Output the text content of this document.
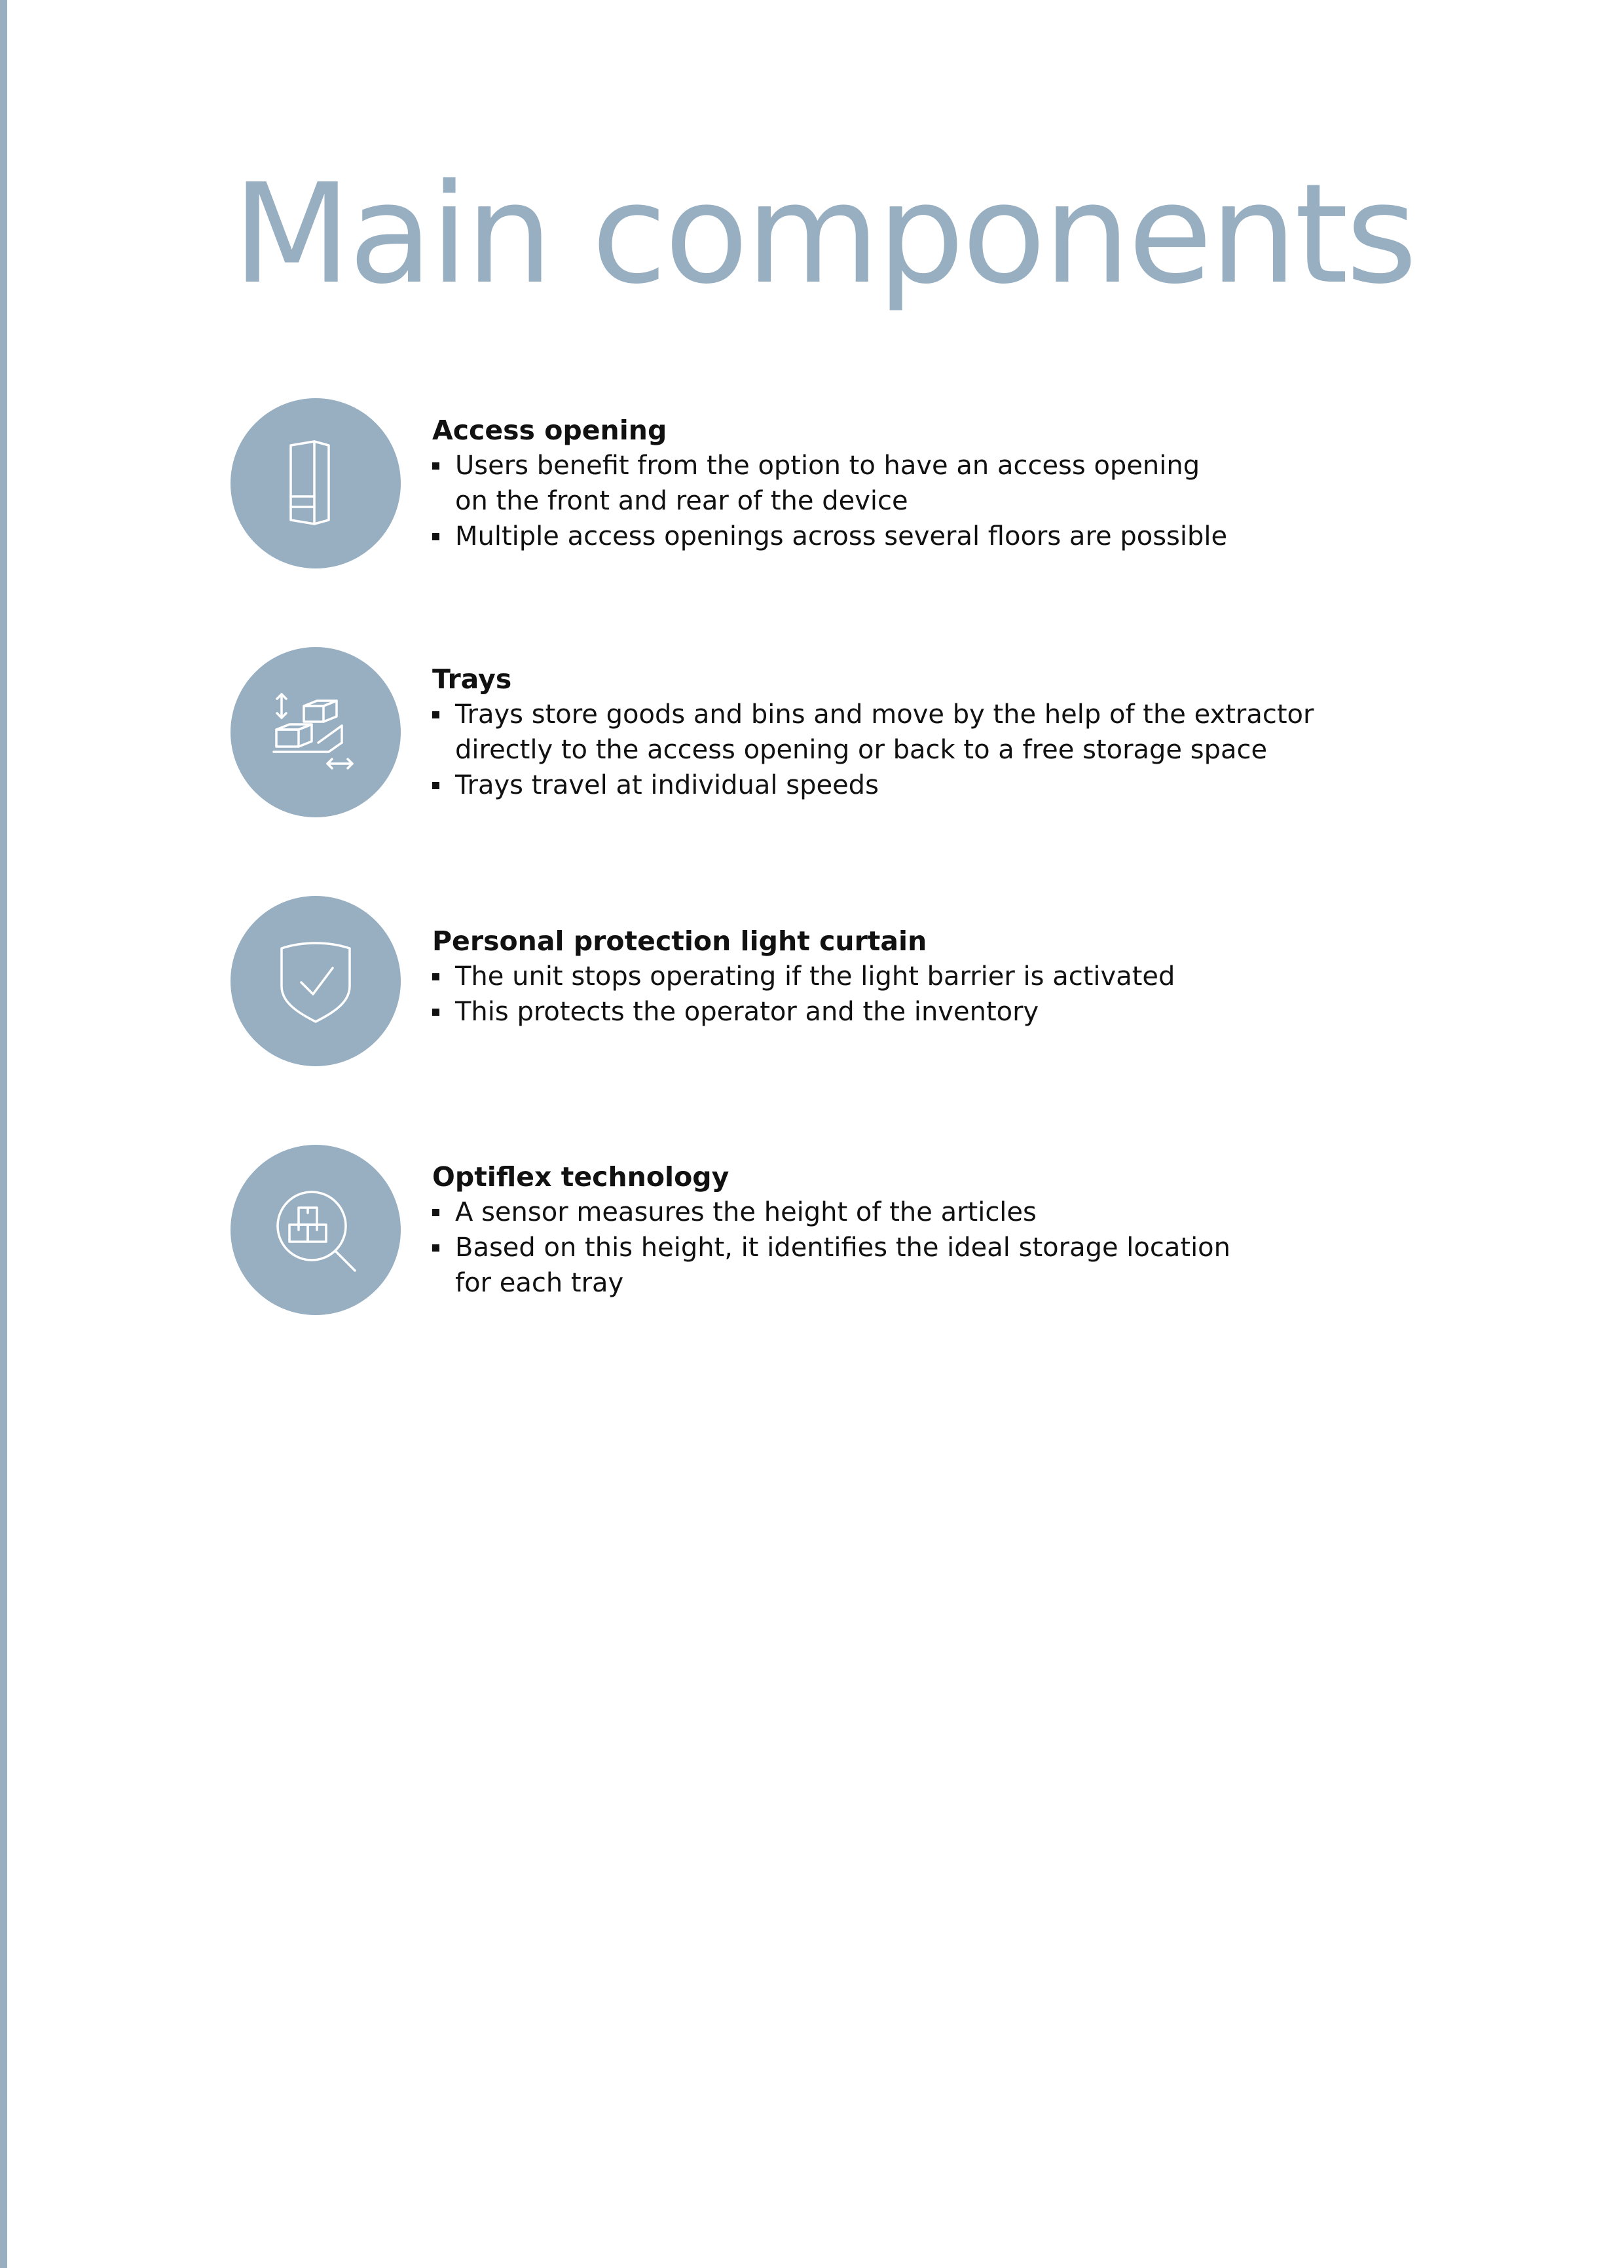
Main components
Access opening
Users benefit from the option to have an access opening
on the front and rear of the device
Multiple access openings across several floors are possible
Trays
Trays store goods and bins and move by the help of the extractor
directly to the access opening or back to a free storage space
Trays travel at individual speeds
Personal protection light curtain
The unit stops operating if the light barrier is activated
This protects the operator and the inventory
Optiflex technology
A sensor measures the height of the articles
Based on this height, it identifies the ideal storage location
for each tray
